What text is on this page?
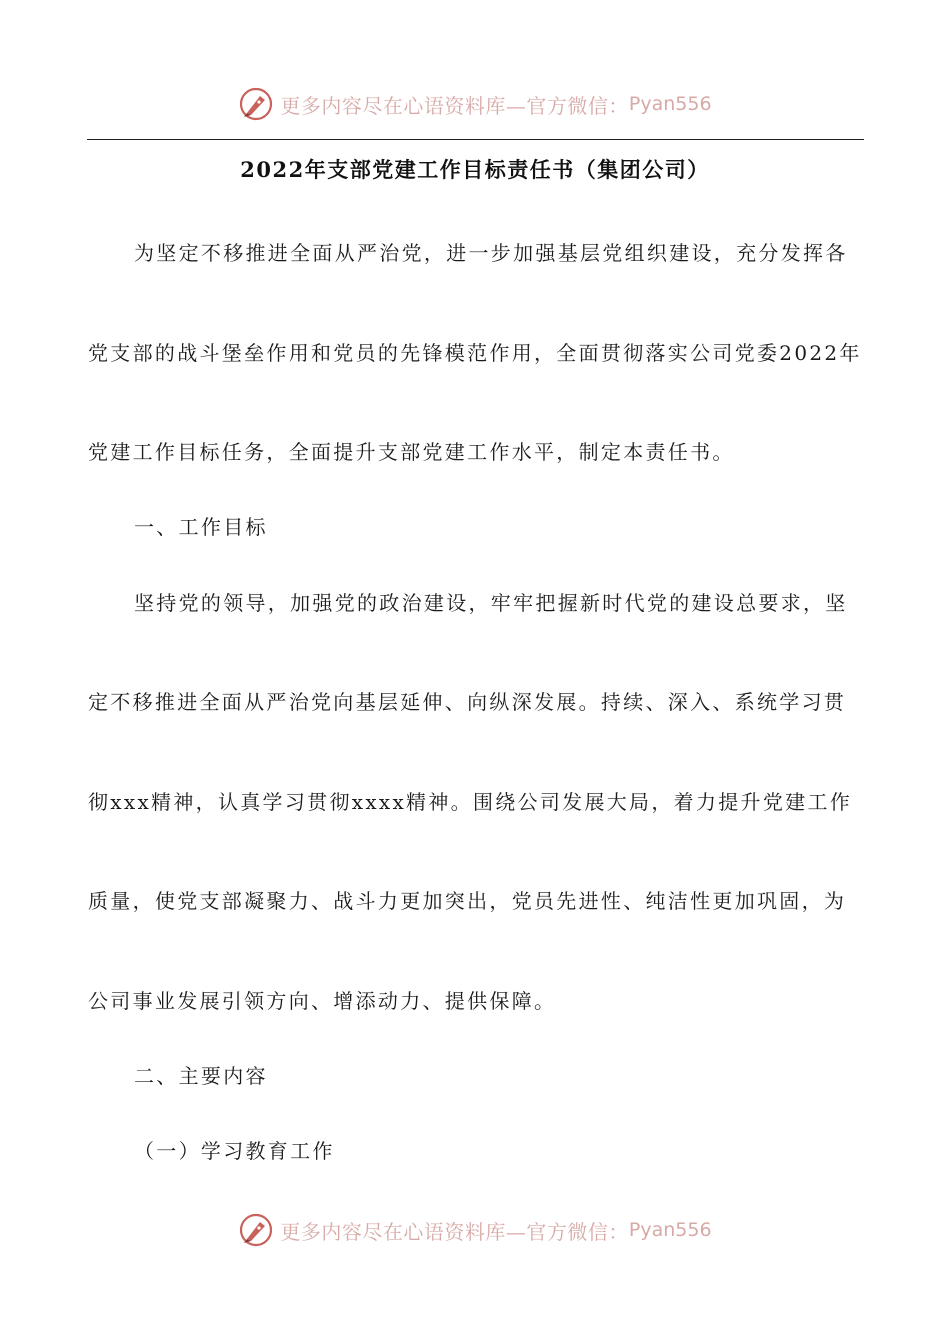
更多内容尽在心语资料库—官方微信： Pyan556
2022年支部党建工作目标责任书（集团公司）
为坚定不移推进全面从严治党，进一步加强基层党组织建设，充分发挥各
党支部的战斗堡垒作用和党员的先锋模范作用，全面贯彻落实公司党委2022年
党建工作目标任务，全面提升支部党建工作水平，制定本责任书。
一、工作目标
坚持党的领导，加强党的政治建设，牢牢把握新时代党的建设总要求，坚
定不移推进全面从严治党向基层延伸、向纵深发展。持续、深入、系统学习贯
彻xxx精神，认真学习贯彻xxxx精神。围绕公司发展大局，着力提升党建工作
质量，使党支部凝聚力、战斗力更加突出，党员先进性、纯洁性更加巩固，为
公司事业发展引领方向、增添动力、提供保障。
二、主要内容
（一）学习教育工作
更多内容尽在心语资料库—官方微信： Pyan556
